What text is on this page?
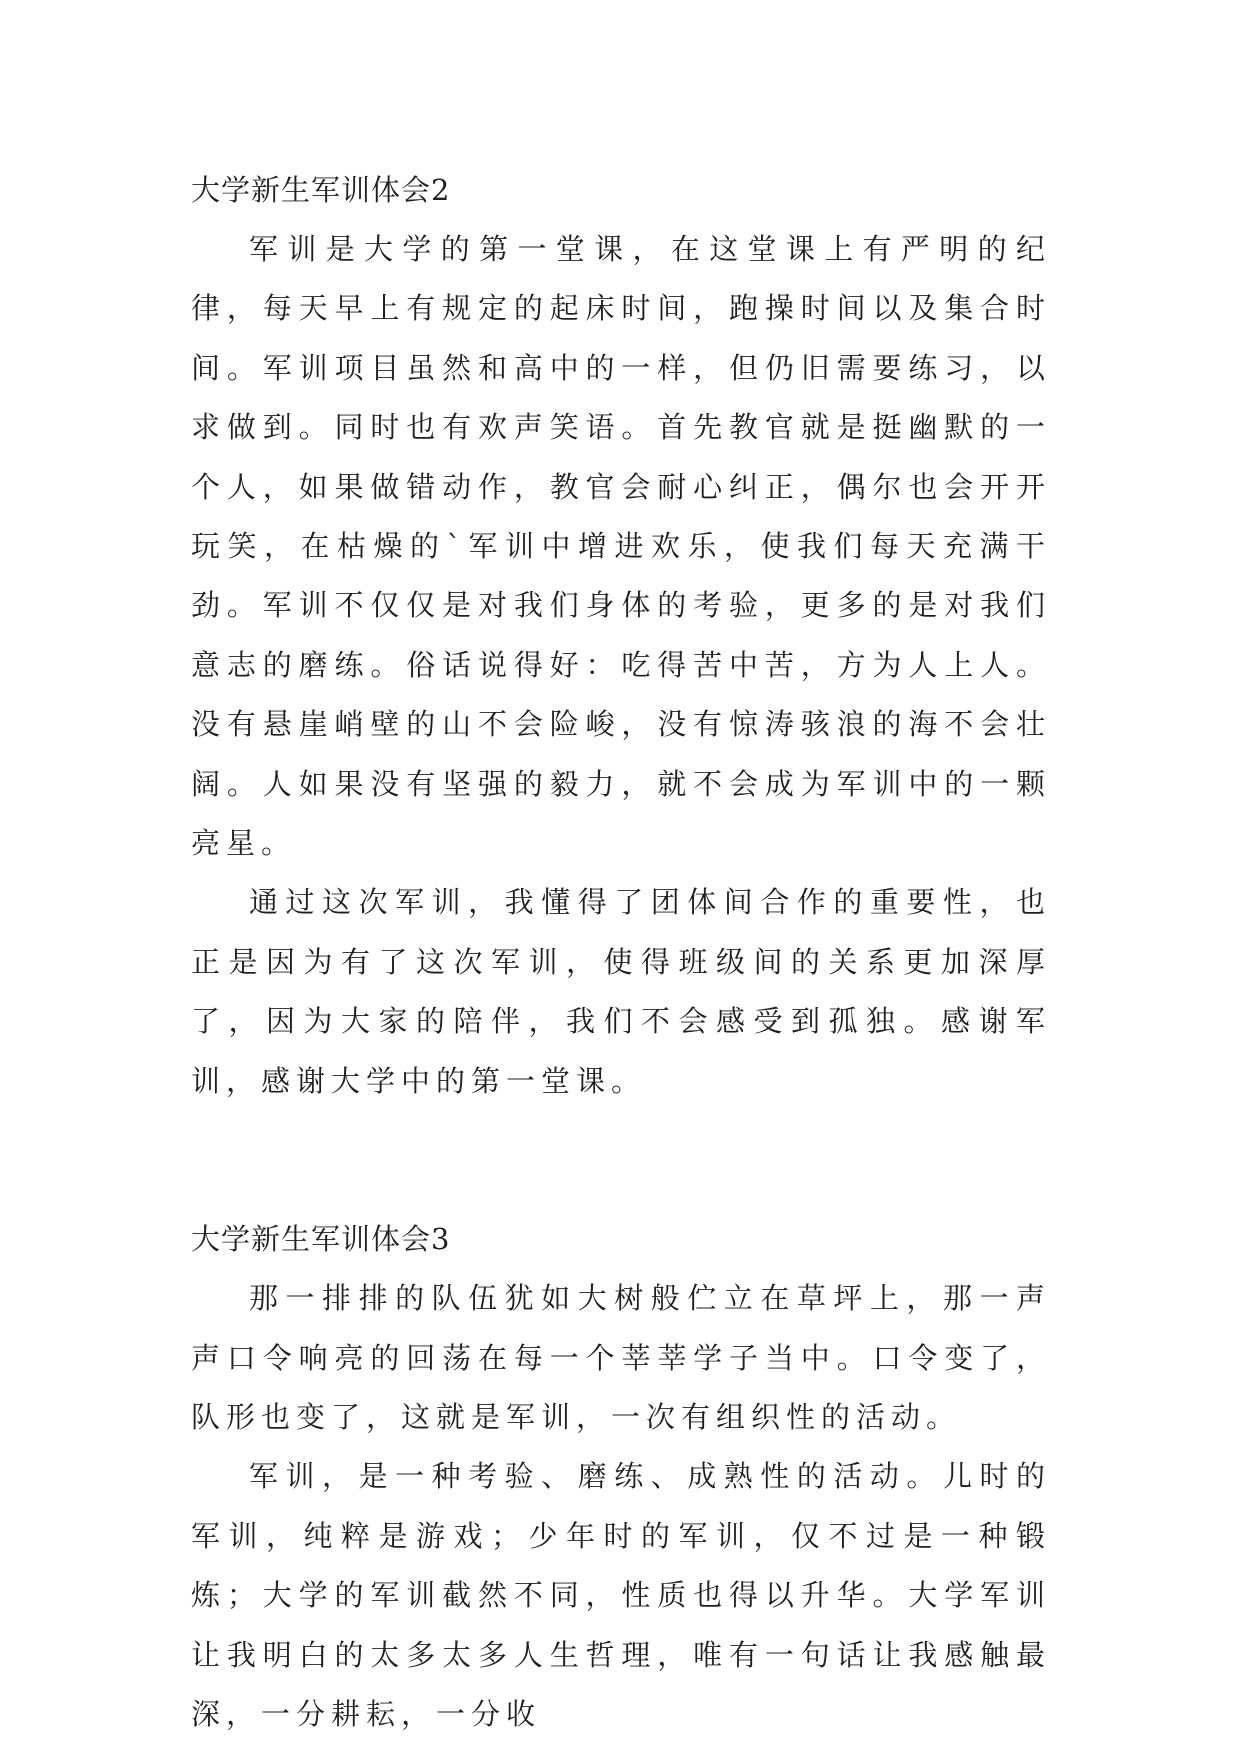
大学新生军训体会2

军训是大学的第一堂课，在这堂课上有严明的纪律，每天早上有规定的起床时间，跑操时间以及集合时间。军训项目虽然和高中的一样，但仍旧需要练习，以求做到。同时也有欢声笑语。首先教官就是挺幽默的一个人，如果做错动作，教官会耐心纠正，偶尔也会开开玩笑，在枯燥的`军训中增进欢乐，使我们每天充满干劲。军训不仅仅是对我们身体的考验，更多的是对我们意志的磨练。俗话说得好：吃得苦中苦，方为人上人。没有悬崖峭壁的山不会险峻，没有惊涛骇浪的海不会壮阔。人如果没有坚强的毅力，就不会成为军训中的一颗亮星。

通过这次军训，我懂得了团体间合作的重要性，也正是因为有了这次军训，使得班级间的关系更加深厚了，因为大家的陪伴，我们不会感受到孤独。感谢军训，感谢大学中的第一堂课。

大学新生军训体会3

那一排排的队伍犹如大树般伫立在草坪上，那一声声口令响亮的回荡在每一个莘莘学子当中。口令变了，队形也变了，这就是军训，一次有组织性的活动。

军训，是一种考验、磨练、成熟性的活动。儿时的军训，纯粹是游戏；少年时的军训，仅不过是一种锻炼；大学的军训截然不同，性质也得以升华。大学军训让我明白的太多太多人生哲理，唯有一句话让我感触最深，一分耕耘，一分收
